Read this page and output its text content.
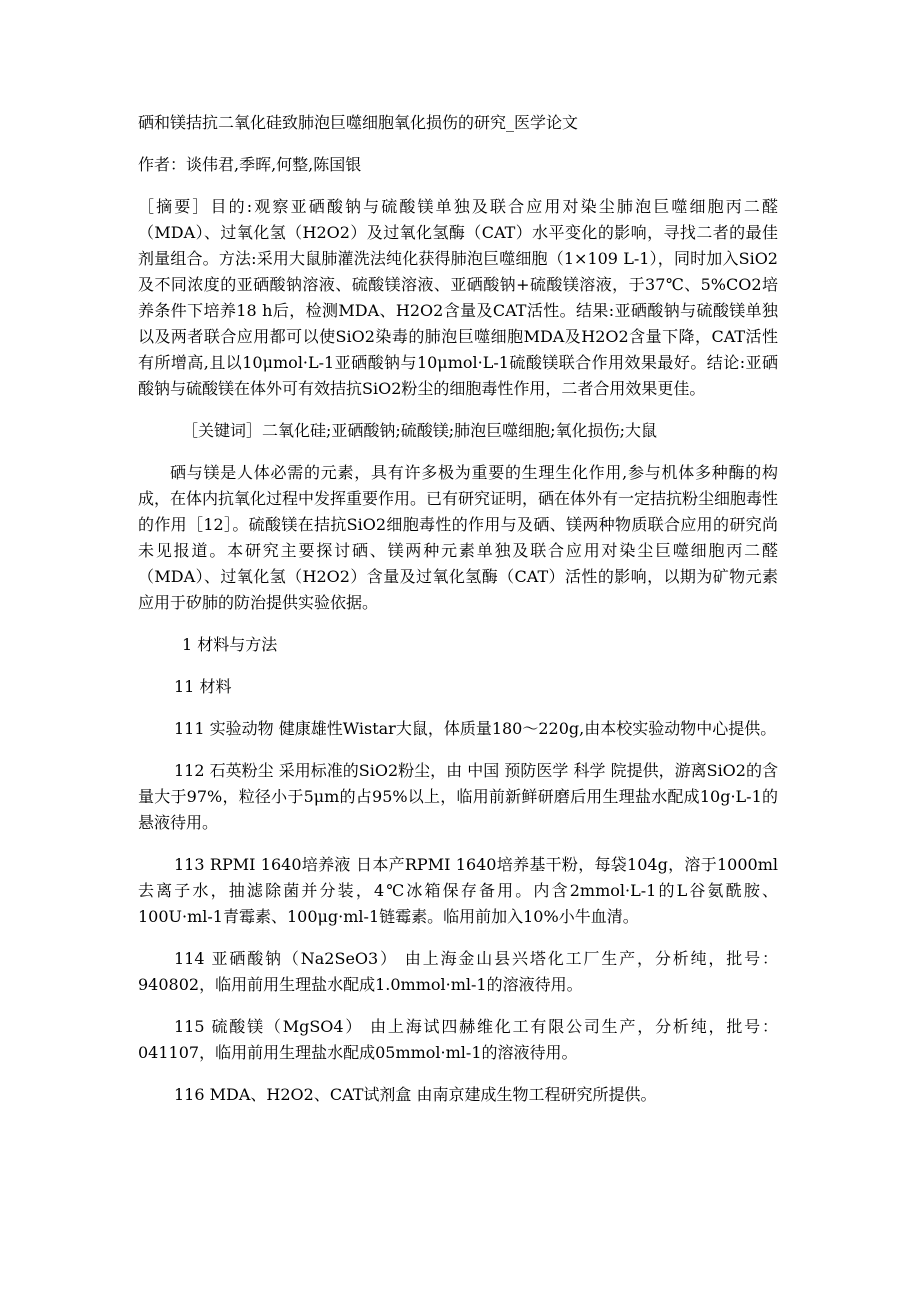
硒和镁拮抗二氧化硅致肺泡巨噬细胞氧化损伤的研究_医学论文

作者：谈伟君,季晖,何整,陈国银

［摘要］目的:观察亚硒酸钠与硫酸镁单独及联合应用对染尘肺泡巨噬细胞丙二醛（MDA）、过氧化氢（H2O2）及过氧化氢酶（CAT）水平变化的影响，寻找二者的最佳剂量组合。方法:采用大鼠肺灌洗法纯化获得肺泡巨噬细胞（1×109 L-1），同时加入SiO2及不同浓度的亚硒酸钠溶液、硫酸镁溶液、亚硒酸钠+硫酸镁溶液，于37℃、5%CO2培养条件下培养18 h后，检测MDA、H2O2含量及CAT活性。结果:亚硒酸钠与硫酸镁单独以及两者联合应用都可以使SiO2染毒的肺泡巨噬细胞MDA及H2O2含量下降，CAT活性有所增高,且以10μmol·L-1亚硒酸钠与10μmol·L-1硫酸镁联合作用效果最好。结论:亚硒酸钠与硫酸镁在体外可有效拮抗SiO2粉尘的细胞毒性作用，二者合用效果更佳。

［关键词］二氧化硅;亚硒酸钠;硫酸镁;肺泡巨噬细胞;氧化损伤;大鼠

硒与镁是人体必需的元素，具有许多极为重要的生理生化作用,参与机体多种酶的构成，在体内抗氧化过程中发挥重要作用。已有研究证明，硒在体外有一定拮抗粉尘细胞毒性的作用［12］。硫酸镁在拮抗SiO2细胞毒性的作用与及硒、镁两种物质联合应用的研究尚未见报道。本研究主要探讨硒、镁两种元素单独及联合应用对染尘巨噬细胞丙二醛（MDA）、过氧化氢（H2O2）含量及过氧化氢酶（CAT）活性的影响，以期为矿物元素应用于矽肺的防治提供实验依据。

1 材料与方法

11 材料

111 实验动物 健康雄性Wistar大鼠，体质量180～220g,由本校实验动物中心提供。

112 石英粉尘 采用标准的SiO2粉尘，由 中国 预防医学 科学 院提供，游离SiO2的含量大于97%，粒径小于5μm的占95%以上，临用前新鲜研磨后用生理盐水配成10g·L-1的悬液待用。

113 RPMI 1640培养液 日本产RPMI 1640培养基干粉，每袋104g，溶于1000ml去离子水，抽滤除菌并分装，4℃冰箱保存备用。内含2mmol·L-1的L谷氨酰胺、100U·ml-1青霉素、100μg·ml-1链霉素。临用前加入10%小牛血清。

114 亚硒酸钠（Na2SeO3） 由上海金山县兴塔化工厂生产，分析纯，批号：940802，临用前用生理盐水配成1.0mmol·ml-1的溶液待用。

115 硫酸镁（MgSO4） 由上海试四赫维化工有限公司生产，分析纯，批号：041107，临用前用生理盐水配成05mmol·ml-1的溶液待用。

116 MDA、H2O2、CAT试剂盒 由南京建成生物工程研究所提供。
